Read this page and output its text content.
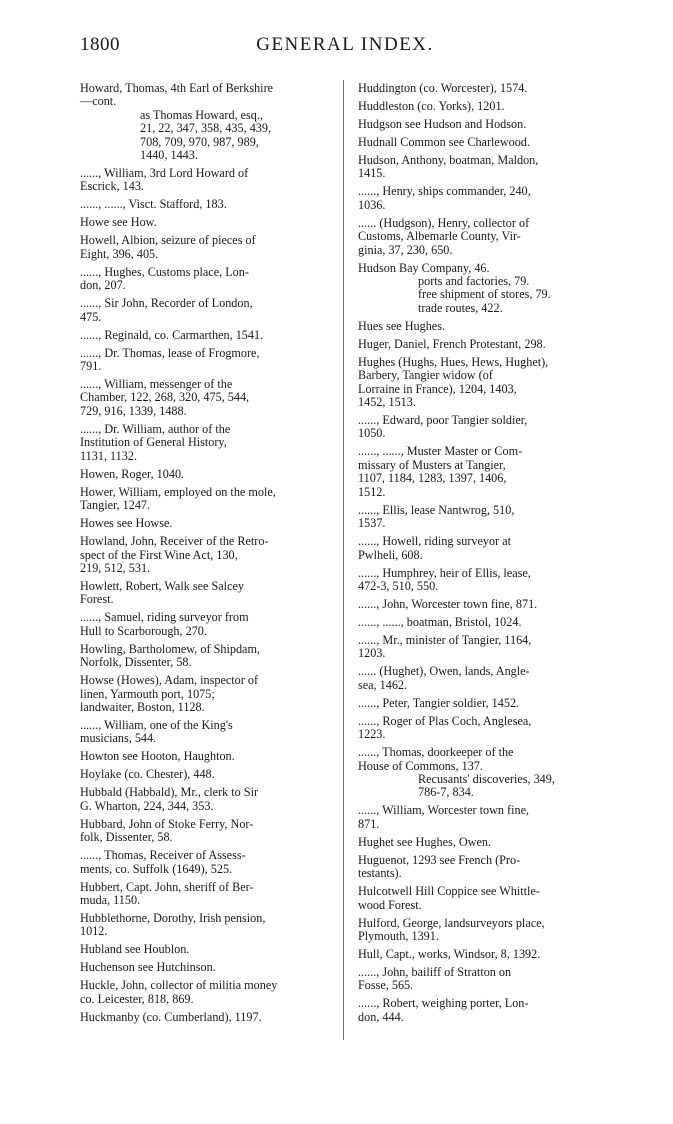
1800	GENERAL INDEX.
Howard, Thomas, 4th Earl of Berkshire
—cont.
as Thomas Howard, esq.,
21, 22, 347, 358, 435, 439,
708, 709, 970, 987, 989,
1440, 1443.
......, William, 3rd Lord Howard of
Escrick, 143.
......, ......, Visct. Stafford, 183.
Howe see How.
Howell, Albion, seizure of pieces of
Eight, 396, 405.
......, Hughes, Customs place, Lon-
don, 207.
......, Sir John, Recorder of London,
475.
......, Reginald, co. Carmarthen, 1541.
......, Dr. Thomas, lease of Frogmore,
791.
......, William, messenger of the
Chamber, 122, 268, 320, 475, 544,
729, 916, 1339, 1488.
......, Dr. William, author of the
Institution of General History,
1131, 1132.
Howen, Roger, 1040.
Hower, William, employed on the mole,
Tangier, 1247.
Howes see Howse.
Howland, John, Receiver of the Retro-
spect of the First Wine Act, 130,
219, 512, 531.
Howlett, Robert, Walk see Salcey
Forest.
......, Samuel, riding surveyor from
Hull to Scarborough, 270.
Howling, Bartholomew, of Shipdam,
Norfolk, Dissenter, 58.
Howse (Howes), Adam, inspector of
linen, Yarmouth port, 1075;
landwaiter, Boston, 1128.
......, William, one of the King's
musicians, 544.
Howton see Hooton, Haughton.
Hoylake (co. Chester), 448.
Hubbald (Habbald), Mr., clerk to Sir
G. Wharton, 224, 344, 353.
Hubbard, John of Stoke Ferry, Nor-
folk, Dissenter, 58.
......, Thomas, Receiver of Assess-
ments, co. Suffolk (1649), 525.
Hubbert, Capt. John, sheriff of Ber-
muda, 1150.
Hubblethorne, Dorothy, Irish pension,
1012.
Hubland see Houblon.
Huchenson see Hutchinson.
Huckle, John, collector of militia money
co. Leicester, 818, 869.
Huckmanby (co. Cumberland), 1197.
Huddington (co. Worcester), 1574.
Huddleston (co. Yorks), 1201.
Hudgson see Hudson and Hodson.
Hudnall Common see Charlewood.
Hudson, Anthony, boatman, Maldon,
1415.
......, Henry, ships commander, 240,
1036.
...... (Hudgson), Henry, collector of
Customs, Albemarle County, Vir-
ginia, 37, 230, 650.
Hudson Bay Company, 46.
ports and factories, 79.
free shipment of stores, 79.
trade routes, 422.
Hues see Hughes.
Huger, Daniel, French Protestant, 298.
Hughes (Hughs, Hues, Hews, Hughet),
Barbery, Tangier widow (of
Lorraine in France), 1204, 1403,
1452, 1513.
......, Edward, poor Tangier soldier,
1050.
......, ......, Muster Master or Com-
missary of Musters at Tangier,
1107, 1184, 1283, 1397, 1406,
1512.
......, Ellis, lease Nantwrog, 510,
1537.
......, Howell, riding surveyor at
Pwlheli, 608.
......, Humphrey, heir of Ellis, lease,
472-3, 510, 550.
......, John, Worcester town fine, 871.
......, ......, boatman, Bristol, 1024.
......, Mr., minister of Tangier, 1164,
1203.
...... (Hughet), Owen, lands, Angle-
sea, 1462.
......, Peter, Tangier soldier, 1452.
......, Roger of Plas Coch, Anglesea,
1223.
......, Thomas, doorkeeper of the
House of Commons, 137.
Recusants' discoveries, 349,
786-7, 834.
......, William, Worcester town fine,
871.
Hughet see Hughes, Owen.
Huguenot, 1293 see French (Pro-
testants).
Hulcotwell Hill Coppice see Whittle-
wood Forest.
Hulford, George, landsurveyors place,
Plymouth, 1391.
Hull, Capt., works, Windsor, 8, 1392.
......, John, bailiff of Stratton on
Fosse, 565.
......, Robert, weighing porter, Lon-
don, 444.
